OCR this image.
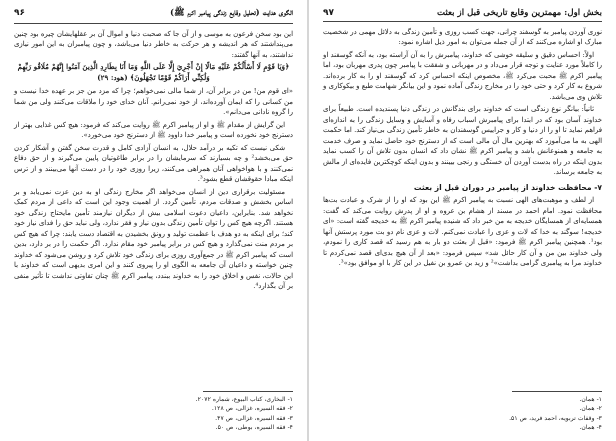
الگوی هدایت (تحلیل وقایع زندگی پیامبر اکرم ﷺ)
۹۶

این بود سخن فرعون به موسی و از آن جا که صحبت دنیا و اموال آن بر عقلهایشان چیره بود چنین می‌پنداشتند که هر اندیشه و هر حرکت به خاطر دنیا می‌باشد، و چون پیامبران به این امور نیازی نداشتند، به آنها گفتند:

﴿وَيَا قَوْمِ لَا أَسْأَلُكُمْ عَلَيْهِ مَالًا إِنْ أَجْرِيَ إِلَّا عَلَى اللَّهِ وَمَا أَنَا بِطَارِدِ الَّذِينَ آمَنُوا إِنَّهُمْ مُلَاقُو رَبِّهِمْ وَلَٰكِنِّي أَرَاكُمْ قَوْمًا تَجْهَلُونَ﴾ (هود: ۲۹)

«ای قوم من! من در برابر آن، از شما مالی نمی‌خواهم؛ چرا که مزد من جز بر عهده خدا نیست و من کسانی را که ایمان آورده‌اند، از خود نمی‌رانم. آنان خدای خود را ملاقات می‌کنند ولی من شما را گروه نادانی می‌دانم».

این گرایش از مقدام ﷺ و او از پیامبر اکرم ﷺ روایت می‌کند که فرمود: هیچ کس غذایی بهتر از دسترنج خود نخورده است و پیامبر خدا داوود ﷺ از دسترنج خود می‌خورد».

شکی نیست که تکیه بر درآمد حلال، به انسان آزادی کامل و قدرت سخن گفتن و آشکار کردن حق می‌بخشد² و چه بسیارند که سرمایشان را در برابر طاغوتیان پایین می‌گیرند و از حق دفاع نمی‌کنند و با هواخواهی آنان همراهی می‌کنند، زیرا روزی خود را در دست آنها می‌بینند و از ترس اینکه مبادا حقوقشان قطع بشود³.

مسئولیت برقراری دین از انسان می‌خواهد اگر مخارج زندگی او به دین عزت نمی‌یابد و بر اساس بخشش و صدقات مردم، تأمین گردد. از اهمیت وجود این است که داعی از مردم کمک نخواهد شد. بنابراین، داعیان دعوت اسلامی بیش از دیگران نیازمند تأمین مایحتاج زندگی خود هستند. اگرچه هیچ کس را توان تأمین زندگی بدون نیاز و فقر ندارد، ولی نباید حق را فدای نیاز خود کند؛ برای اینکه به دو هدف با عظمت تولید و رونق بخشیدن به اقتصاد دست یابند: چرا که هیچ کس بر مردم منت نمی‌گذارد و هیچ کس در برابر پیامبر خود مقام ندارد. اگر حکمت را در بر دارد، بدین است که پیامبر اکرم ﷺ در جمع‌آوری روزی برای زندگی خود تلاش کرد و روشن می‌شود که خداوند چنین خواسته و داعیان آن جامعه به الگوی او را پیروی کنند و این امری بدیهی است که خداوند با این حالات، نفس و اخلاق خود را به خداوند ببندد، پیامبر اکرم ﷺ چنان تفاوتی نداشت تا تأثیر منفی بر آن بگذارد⁴.

۱- البخاری، کتاب البیوع، شماره ۲۰۷۲.
۲- فقه السیره، غزالی، ص ۱۲۸.
۳- فقه السیره، غزالی، ص ۴۷.
۴- فقه السیره، بوطی، ص ۵۰.
بخش اول: مهمترین وقایع تاریخی قبل از بعثت
۹۷

نوری آوردن پیامبر به گوسفند چرانی، جهت کسب روزی و تأمین زندگی به دلائل مهمی در شخصیت مبارک او اشاره می‌کنند که از آن جمله می‌توان به امور ذیل اشاره نمود:

اولاً: احساس دقیق و سلیقه خوشی که خداوند، پیامبرش را به آن آراسته بود، به آنکه گوسفند او را کاملاً مورد عنایت و توجه قرار می‌داد و در مهربانی و شفقت با پیامبر چون پدری مهربان بود، اما پیامبر اکرم ﷺ محبت می‌کرد ﷺ، مخصوص اینکه احساس کرد که گوسفند او را به کار برده‌اند. شروع به کار کرد و حتی خود را در مخارج زندگی آماده نمود و این بیانگر شهامت طبع و بیکوکاری و تلاش وی می‌باشد.

ثانیاً: بیانگر نوع زندگی است که خداوند برای بندگانش در زندگی دنیا پسندیده است. طبیعاً برای خداوند آسان بود که در ابتدا برای پیامبرش اسباب رفاه و آسایش و وسایل زندگی را به اندازه‌ای فراهم نماید تا او را از دنیا و کار و جراییس گوسفندان به خاطر تأمین زندگی بی‌نیاز کند. اما حکمت الهی به ما می‌آموزد که بهترین مال آن مالی است که از دسترنج خود حاصل نماید و صرف خدمت به جامعه و همنوعانش باشد و پیامبر اکرم ﷺ نشان داد که انسان بدون تلاش آن را کسب نماید بدون اینکه در راه بدست آوردن آن خستگی و رنجی بیینند و بدون اینکه کوچکترین فایده‌ای از مالش به جامعه برساند.

۷- محافظت خداوند از پیامبر در دوران قبل از بعثت

از لطف و موهبت‌های الهی نسبت به پیامبر اکرم ﷺ این بود که او را از شرک و عبادت بت‌ها محافظت نمود. امام احمد در مسند از هشام بن عروه و او از پدرش روایت می‌کند که گفت: همسایه‌ای از همسایگان خدیجه به من خبر داد که شنیده پیامبر اکرم ﷺ به خدیجه گفته است: «ای خدیجه! سوگند به خدا که لات و عزی را عبادت نمی‌کنم. لات و عزی نام دو بت مورد پرستش آنها بود¹. همچنین پیامبر اکرم ﷺ فرمود: «قبل از بعثت دو بار به هم رسید که قصد کاری را نمودم، ولی خداوند بین من و آن کار حائل شد» سپس فرمود: «بعد از آن هیچ بدی‌ای قصد نمی‌کردم تا خداوند مرا به پیامبری گرامی بداشت»² و زید بن عمرو بن نفیل در این کار با او موافق بود»³.

۱- همان.
۲- همان.
۳- وقفات تربویه، احمد فرید، ص ۵۱.
۴- همان.
